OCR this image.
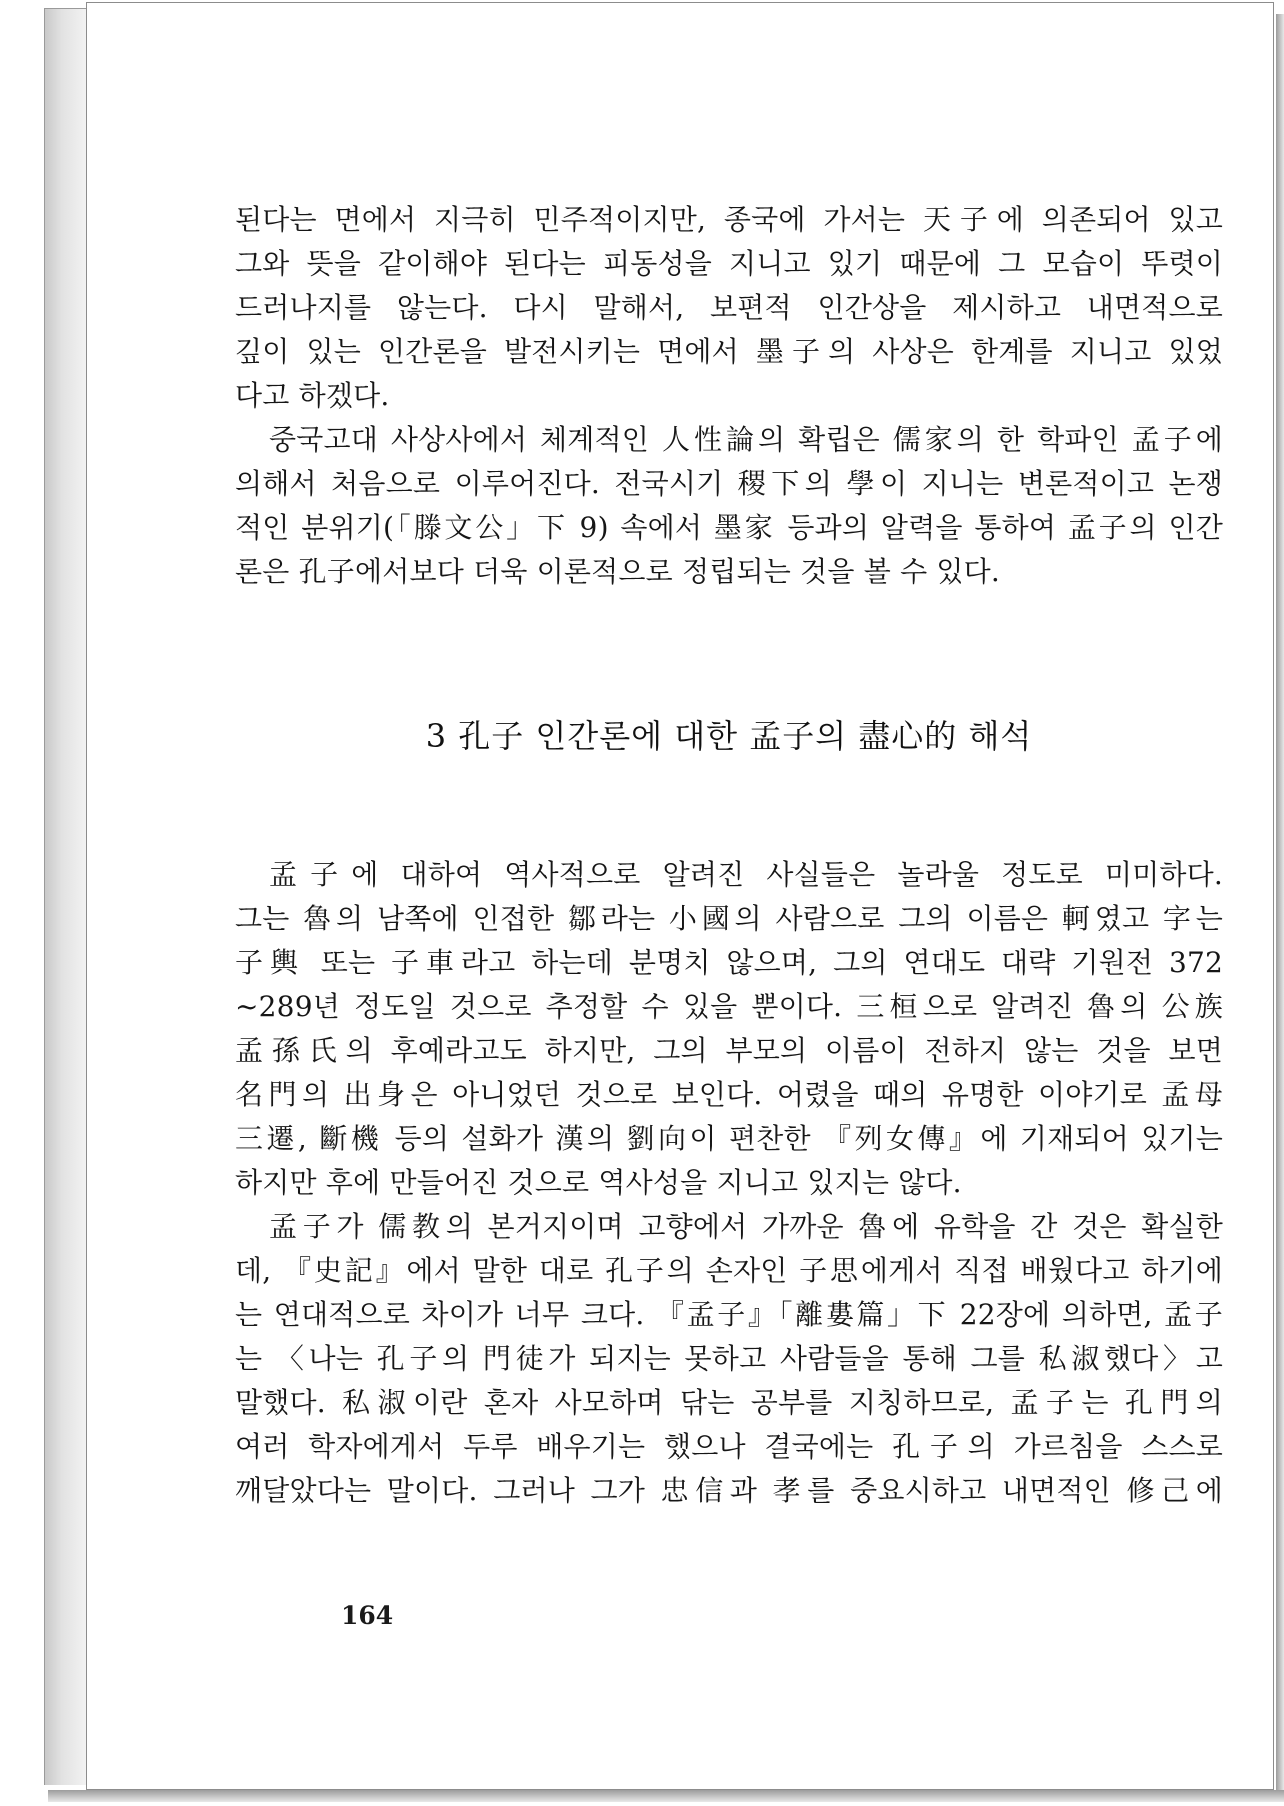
된다는 면에서 지극히 민주적이지만, 종국에 가서는 天子에 의존되어 있고
그와 뜻을 같이해야 된다는 피동성을 지니고 있기 때문에 그 모습이 뚜렷이
드러나지를 않는다. 다시 말해서, 보편적 인간상을 제시하고 내면적으로
깊이 있는 인간론을 발전시키는 면에서 墨子의 사상은 한계를 지니고 있었
다고 하겠다.

중국고대 사상사에서 체계적인 人性論의 확립은 儒家의 한 학파인 孟子에
의해서 처음으로 이루어진다. 전국시기 稷下의 學이 지니는 변론적이고 논쟁
적인 분위기(「滕文公」下 9) 속에서 墨家 등과의 알력을 통하여 孟子의 인간
론은 孔子에서보다 더욱 이론적으로 정립되는 것을 볼 수 있다.

3 孔子 인간론에 대한 孟子의 盡心的 해석

孟子에 대하여 역사적으로 알려진 사실들은 놀라울 정도로 미미하다.
그는 魯의 남쪽에 인접한 鄒라는 小國의 사람으로 그의 이름은 軻였고 字는
子輿 또는 子車라고 하는데 분명치 않으며, 그의 연대도 대략 기원전 372
~289년 정도일 것으로 추정할 수 있을 뿐이다. 三桓으로 알려진 魯의 公族
孟孫氏의 후예라고도 하지만, 그의 부모의 이름이 전하지 않는 것을 보면
名門의 出身은 아니었던 것으로 보인다. 어렸을 때의 유명한 이야기로 孟母
三遷, 斷機 등의 설화가 漢의 劉向이 편찬한 『列女傳』에 기재되어 있기는
하지만 후에 만들어진 것으로 역사성을 지니고 있지는 않다.

孟子가 儒教의 본거지이며 고향에서 가까운 魯에 유학을 간 것은 확실한
데, 『史記』에서 말한 대로 孔子의 손자인 子思에게서 직접 배웠다고 하기에
는 연대적으로 차이가 너무 크다. 『孟子』「離婁篇」下 22장에 의하면, 孟子
는 〈나는 孔子의 門徒가 되지는 못하고 사람들을 통해 그를 私淑했다〉고
말했다. 私淑이란 혼자 사모하며 닦는 공부를 지칭하므로, 孟子는 孔門의
여러 학자에게서 두루 배우기는 했으나 결국에는 孔子의 가르침을 스스로
깨달았다는 말이다. 그러나 그가 忠信과 孝를 중요시하고 내면적인 修己에

164
